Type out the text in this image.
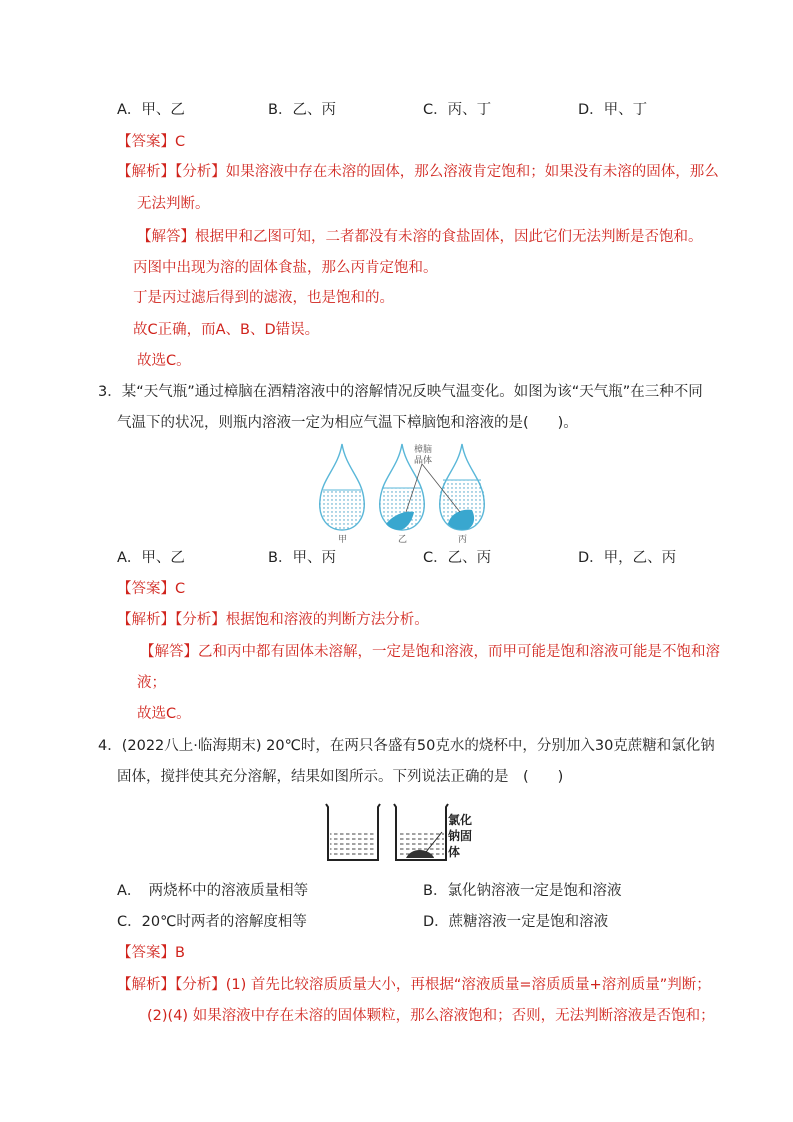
A．甲、乙	B．乙、丙	C．丙、丁	D．甲、丁
【答案】C
【解析】【分析】如果溶液中存在未溶的固体，那么溶液肯定饱和；如果没有未溶的固体，那么
无法判断。
【解答】根据甲和乙图可知，二者都没有未溶的食盐固体，因此它们无法判断是否饱和。
丙图中出现为溶的固体食盐，那么丙肯定饱和。
丁是丙过滤后得到的滤液，也是饱和的。
故C正确，而A、B、D错误。
故选C。
3．某“天气瓶”通过樟脑在酒精溶液中的溶解情况反映气温变化。如图为该“天气瓶”在三种不同
气温下的状况，则瓶内溶液一定为相应气温下樟脑饱和溶液的是(　　)。
樟脑
晶体
甲	乙	丙
A．甲、乙	B．甲、丙	C．乙、丙	D．甲，乙、丙
【答案】C
【解析】【分析】根据饱和溶液的判断方法分析。
【解答】乙和丙中都有固体未溶解，一定是饱和溶液，而甲可能是饱和溶液可能是不饱和溶
液；
故选C。
4．(2022八上·临海期末) 20℃时，在两只各盛有50克水的烧杯中，分别加入30克蔗糖和氯化钠
固体，搅拌使其充分溶解，结果如图所示。下列说法正确的是　(　　)
氯化
钠固
体
A．　两烧杯中的溶液质量相等	B．氯化钠溶液一定是饱和溶液
C．20℃时两者的溶解度相等	D．蔗糖溶液一定是饱和溶液
【答案】B
【解析】【分析】(1) 首先比较溶质质量大小，再根据“溶液质量=溶质质量+溶剂质量”判断；
(2)(4) 如果溶液中存在未溶的固体颗粒，那么溶液饱和；否则，无法判断溶液是否饱和；
